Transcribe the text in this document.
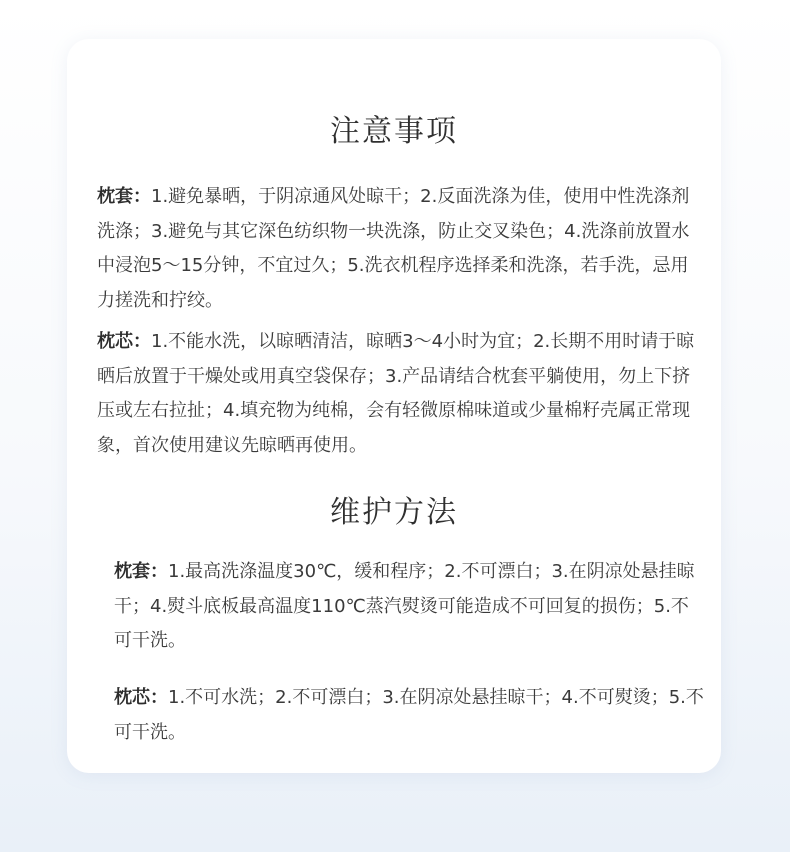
注意事项

枕套：1.避免暴晒，于阴凉通风处晾干；2.反面洗涤为佳，使用中性洗涤剂洗涤；3.避免与其它深色纺织物一块洗涤，防止交叉染色；4.洗涤前放置水中浸泡5～15分钟，不宜过久；5.洗衣机程序选择柔和洗涤，若手洗，忌用力搓洗和拧绞。

枕芯：1.不能水洗，以晾晒清洁，晾晒3～4小时为宜；2.长期不用时请于晾晒后放置于干燥处或用真空袋保存；3.产品请结合枕套平躺使用，勿上下挤压或左右拉扯；4.填充物为纯棉，会有轻微原棉味道或少量棉籽壳属正常现象，首次使用建议先晾晒再使用。

维护方法

枕套：1.最高洗涤温度30℃，缓和程序；2.不可漂白；3.在阴凉处悬挂晾干；4.熨斗底板最高温度110℃蒸汽熨烫可能造成不可回复的损伤；5.不可干洗。

枕芯：1.不可水洗；2.不可漂白；3.在阴凉处悬挂晾干；4.不可熨烫；5.不可干洗。
